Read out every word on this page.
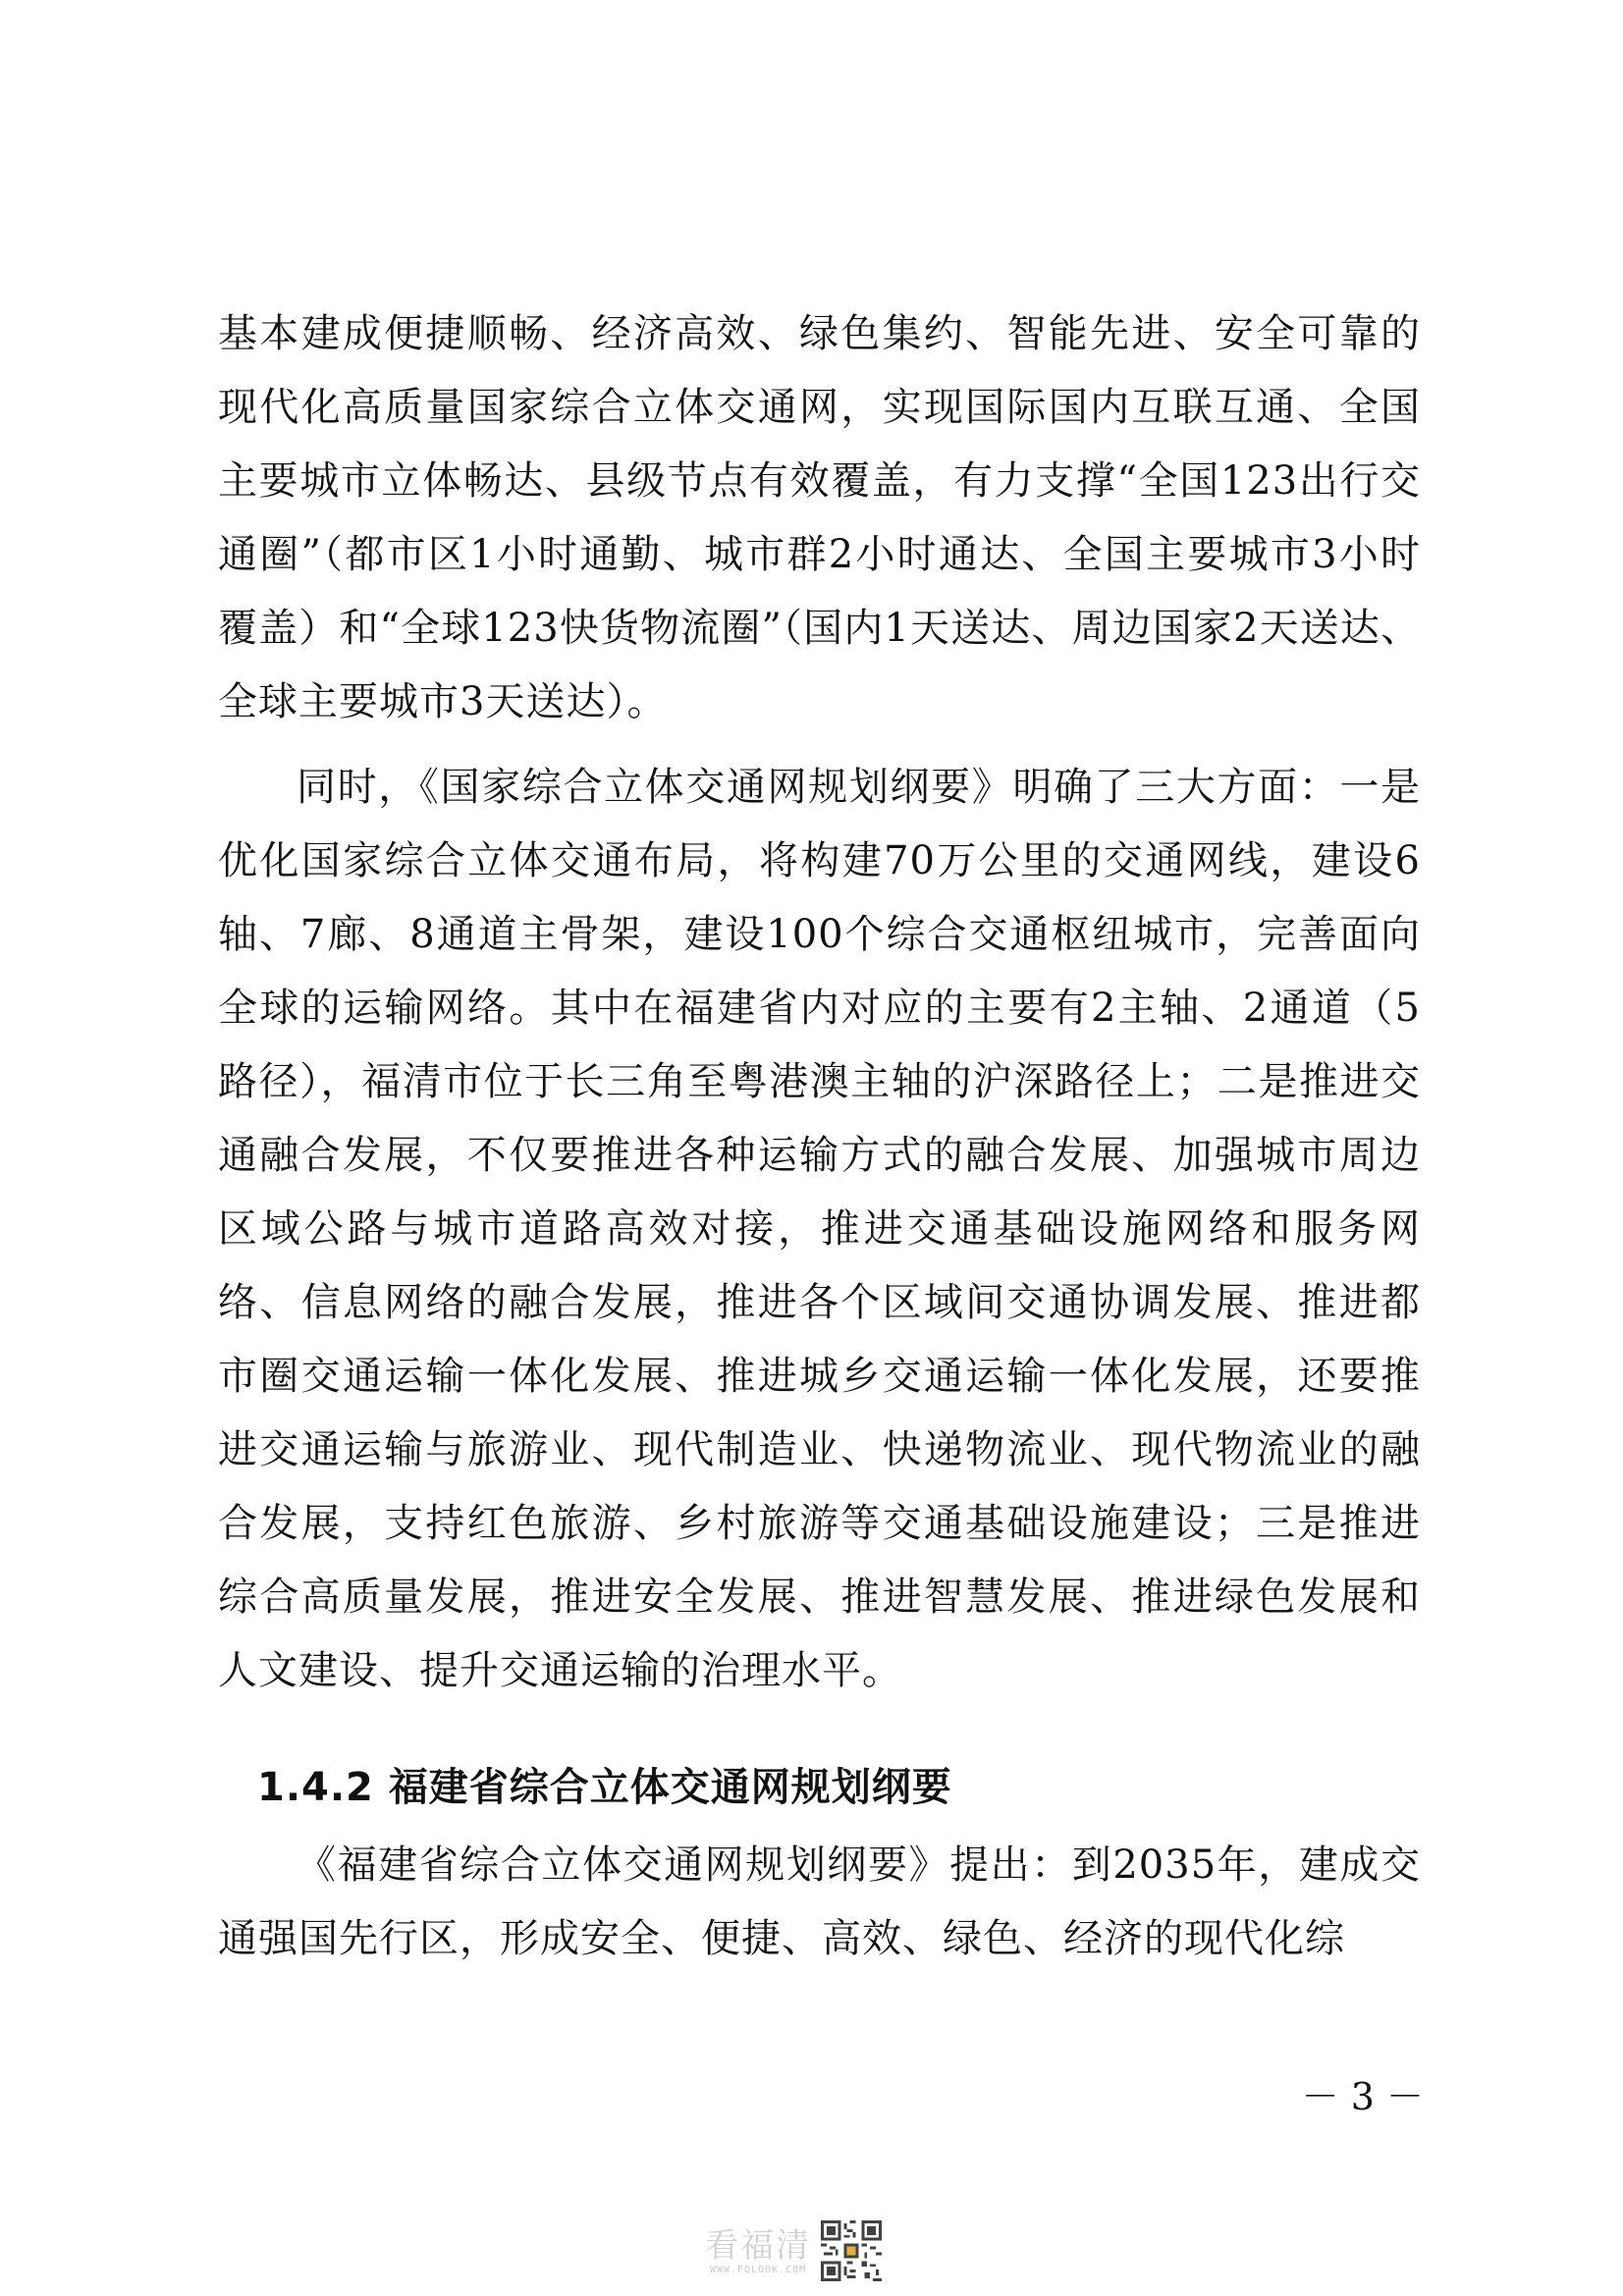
基本建成便捷顺畅、经济高效、绿色集约、智能先进、安全可靠的现代化高质量国家综合立体交通网，实现国际国内互联互通、全国主要城市立体畅达、县级节点有效覆盖，有力支撑“全国123出行交通圈”（都市区1小时通勤、城市群2小时通达、全国主要城市3小时覆盖）和“全球123快货物流圈”（国内1天送达、周边国家2天送达、全球主要城市3天送达）。
同时，《国家综合立体交通网规划纲要》明确了三大方面：一是优化国家综合立体交通布局，将构建70万公里的交通网线，建设6轴、7廊、8通道主骨架，建设100个综合交通枢纽城市，完善面向全球的运输网络。其中在福建省内对应的主要有2主轴、2通道（5路径），福清市位于长三角至粤港澳主轴的沪深路径上；二是推进交通融合发展，不仅要推进各种运输方式的融合发展、加强城市周边区域公路与城市道路高效对接，推进交通基础设施网络和服务网络、信息网络的融合发展，推进各个区域间交通协调发展、推进都市圈交通运输一体化发展、推进城乡交通运输一体化发展，还要推进交通运输与旅游业、现代制造业、快递物流业、现代物流业的融合发展，支持红色旅游、乡村旅游等交通基础设施建设；三是推进综合高质量发展，推进安全发展、推进智慧发展、推进绿色发展和人文建设、提升交通运输的治理水平。
1.4.2 福建省综合立体交通网规划纲要
《福建省综合立体交通网规划纲要》提出：到2035年，建成交通强国先行区，形成安全、便捷、高效、绿色、经济的现代化综
－ 3 －
看福清
WWW.FQLOOK.COM
